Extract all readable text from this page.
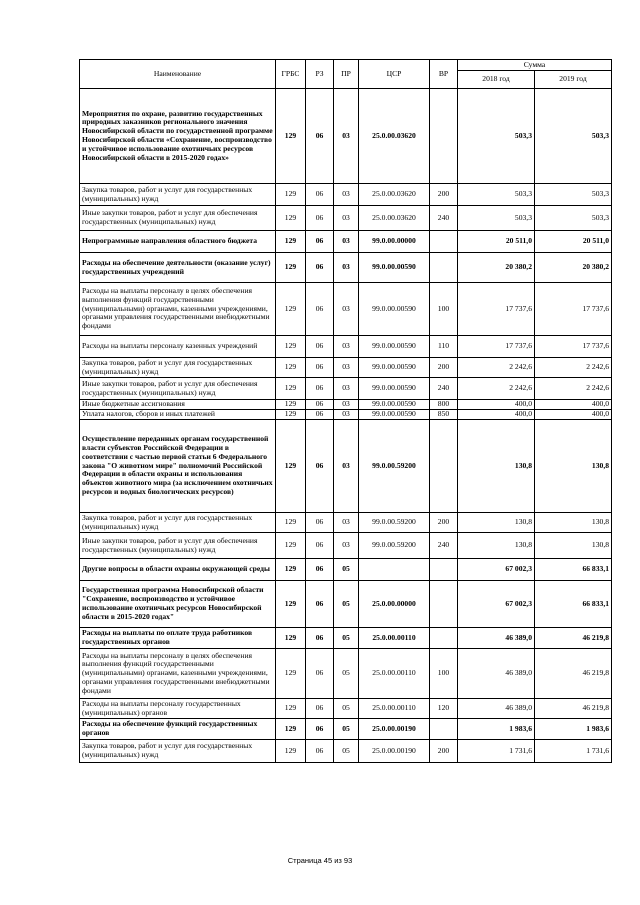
Наименование	ГРБС	РЗ	ПР	ЦСР	ВР	Сумма	
						2018 год	2019 год
Мероприятия по охране, развитию государственных природных заказников регионального значения Новосибирской области по государственной программе Новосибирской области «Сохранение, воспроизводство и устойчивое использование охотничьих ресурсов Новосибирской области в 2015-2020 годах»	129	06	03	25.0.00.03620		503,3	503,3
Закупка товаров, работ и услуг для государственных (муниципальных) нужд	129	06	03	25.0.00.03620	200	503,3	503,3
Иные закупки товаров, работ и услуг для обеспечения государственных (муниципальных) нужд	129	06	03	25.0.00.03620	240	503,3	503,3
Непрограммные направления областного бюджета	129	06	03	99.0.00.00000		20 511,0	20 511,0
Расходы на обеспечение деятельности (оказание услуг) государственных учреждений	129	06	03	99.0.00.00590		20 380,2	20 380,2
Расходы на выплаты персоналу в целях обеспечения выполнения функций государственными (муниципальными) органами, казенными учреждениями, органами управления государственными внебюджетными фондами	129	06	03	99.0.00.00590	100	17 737,6	17 737,6
Расходы на выплаты персоналу казенных учреждений	129	06	03	99.0.00.00590	110	17 737,6	17 737,6
Закупка товаров, работ и услуг для государственных (муниципальных) нужд	129	06	03	99.0.00.00590	200	2 242,6	2 242,6
Иные закупки товаров, работ и услуг для обеспечения государственных (муниципальных) нужд	129	06	03	99.0.00.00590	240	2 242,6	2 242,6
Иные бюджетные ассигнования	129	06	03	99.0.00.00590	800	400,0	400,0
Уплата налогов, сборов и иных платежей	129	06	03	99.0.00.00590	850	400,0	400,0
Осуществление переданных органам государственной власти субъектов Российской Федерации в соответствии с частью первой статьи 6 Федерального закона "О животном мире" полномочий Российской Федерации в области охраны и использования объектов животного мира (за исключением охотничьих ресурсов и водных биологических ресурсов)	129	06	03	99.0.00.59200		130,8	130,8
Закупка товаров, работ и услуг для государственных (муниципальных) нужд	129	06	03	99.0.00.59200	200	130,8	130,8
Иные закупки товаров, работ и услуг для обеспечения государственных (муниципальных) нужд	129	06	03	99.0.00.59200	240	130,8	130,8
Другие вопросы в области охраны окружающей среды	129	06	05			67 002,3	66 833,1
Государственная программа Новосибирской области "Сохранение, воспроизводство и устойчивое использование охотничьих ресурсов Новосибирской области в 2015-2020 годах"	129	06	05	25.0.00.00000		67 002,3	66 833,1
Расходы на выплаты по оплате труда работников государственных органов	129	06	05	25.0.00.00110		46 389,0	46 219,8
Расходы на выплаты персоналу в целях обеспечения выполнения функций государственными (муниципальными) органами, казенными учреждениями, органами управления государственными внебюджетными фондами	129	06	05	25.0.00.00110	100	46 389,0	46 219,8
Расходы на выплаты персоналу государственных (муниципальных) органов	129	06	05	25.0.00.00110	120	46 389,0	46 219,8
Расходы на обеспечение функций государственных органов	129	06	05	25.0.00.00190		1 983,6	1 983,6
Закупка товаров, работ и услуг для государственных (муниципальных) нужд	129	06	05	25.0.00.00190	200	1 731,6	1 731,6
Страница 45 из 93
